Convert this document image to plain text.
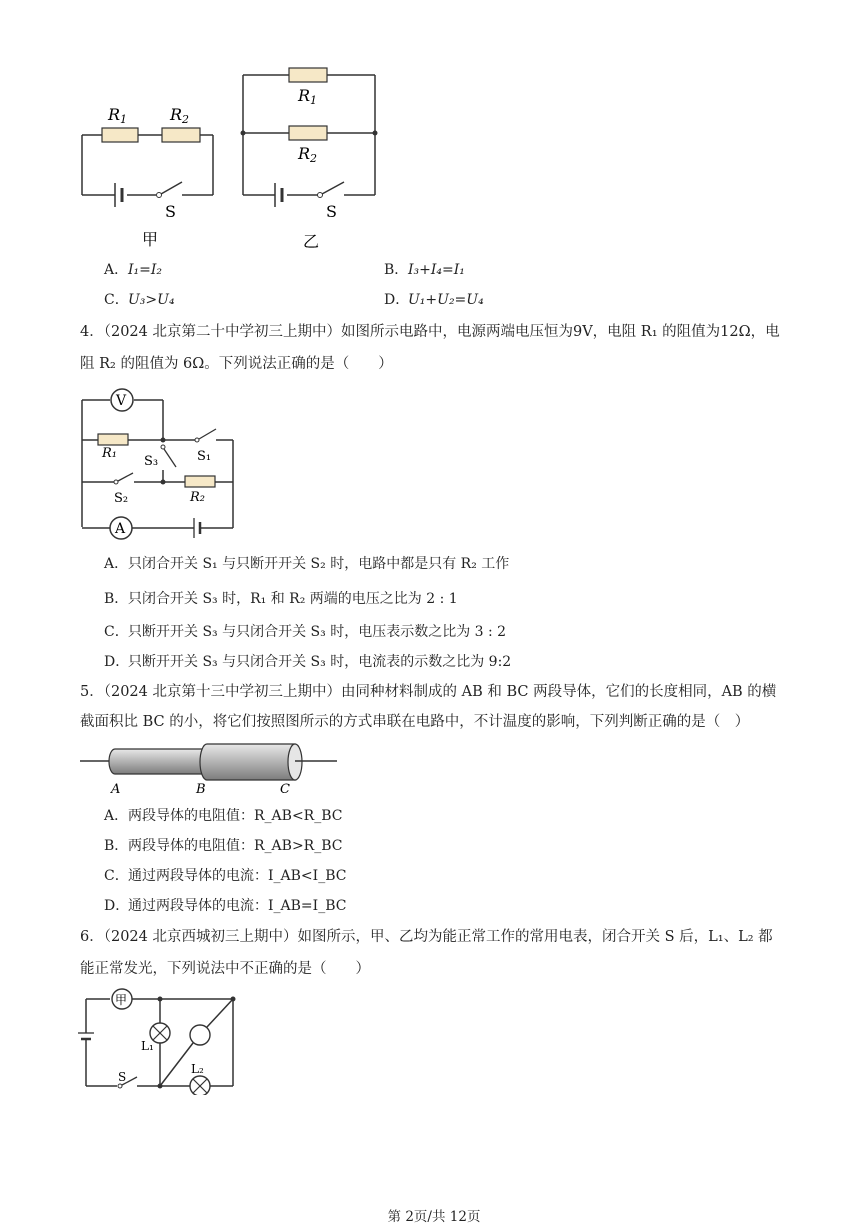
R1	R2
S
甲
R1
R2
S
乙
A．I₁=I₂	B．I₃+I₄=I₁
C．U₃>U₄	D．U₁+U₂=U₄
4．（2024 北京第二十中学初三上期中）如图所示电路中，电源两端电压恒为9V，电阻 R₁ 的阻值为12Ω，电
阻 R₂ 的阻值为 6Ω。下列说法正确的是（　　）
V
R₁	S₁
S₃
S₂	R₂
A
A．只闭合开关 S₁ 与只断开开关 S₂ 时，电路中都是只有 R₂ 工作
B．只闭合开关 S₃ 时，R₁ 和 R₂ 两端的电压之比为 2 : 1
C．只断开开关 S₃ 与只闭合开关 S₃ 时，电压表示数之比为 3 : 2
D．只断开开关 S₃ 与只闭合开关 S₃ 时，电流表的示数之比为 9:2
5．（2024 北京第十三中学初三上期中）由同种材料制成的 AB 和 BC 两段导体，它们的长度相同，AB 的横
截面积比 BC 的小，将它们按照图所示的方式串联在电路中，不计温度的影响，下列判断正确的是（　）
A	B	C
A．两段导体的电阻值：R_AB<R_BC
B．两段导体的电阻值：R_AB>R_BC
C．通过两段导体的电流：I_AB<I_BC
D．通过两段导体的电流：I_AB=I_BC
6．（2024 北京西城初三上期中）如图所示，甲、乙均为能正常工作的常用电表，闭合开关 S 后，L₁、L₂ 都
能正常发光，下列说法中不正确的是（　　）
S
甲
L₁
L₂
第 2页/共 12页
